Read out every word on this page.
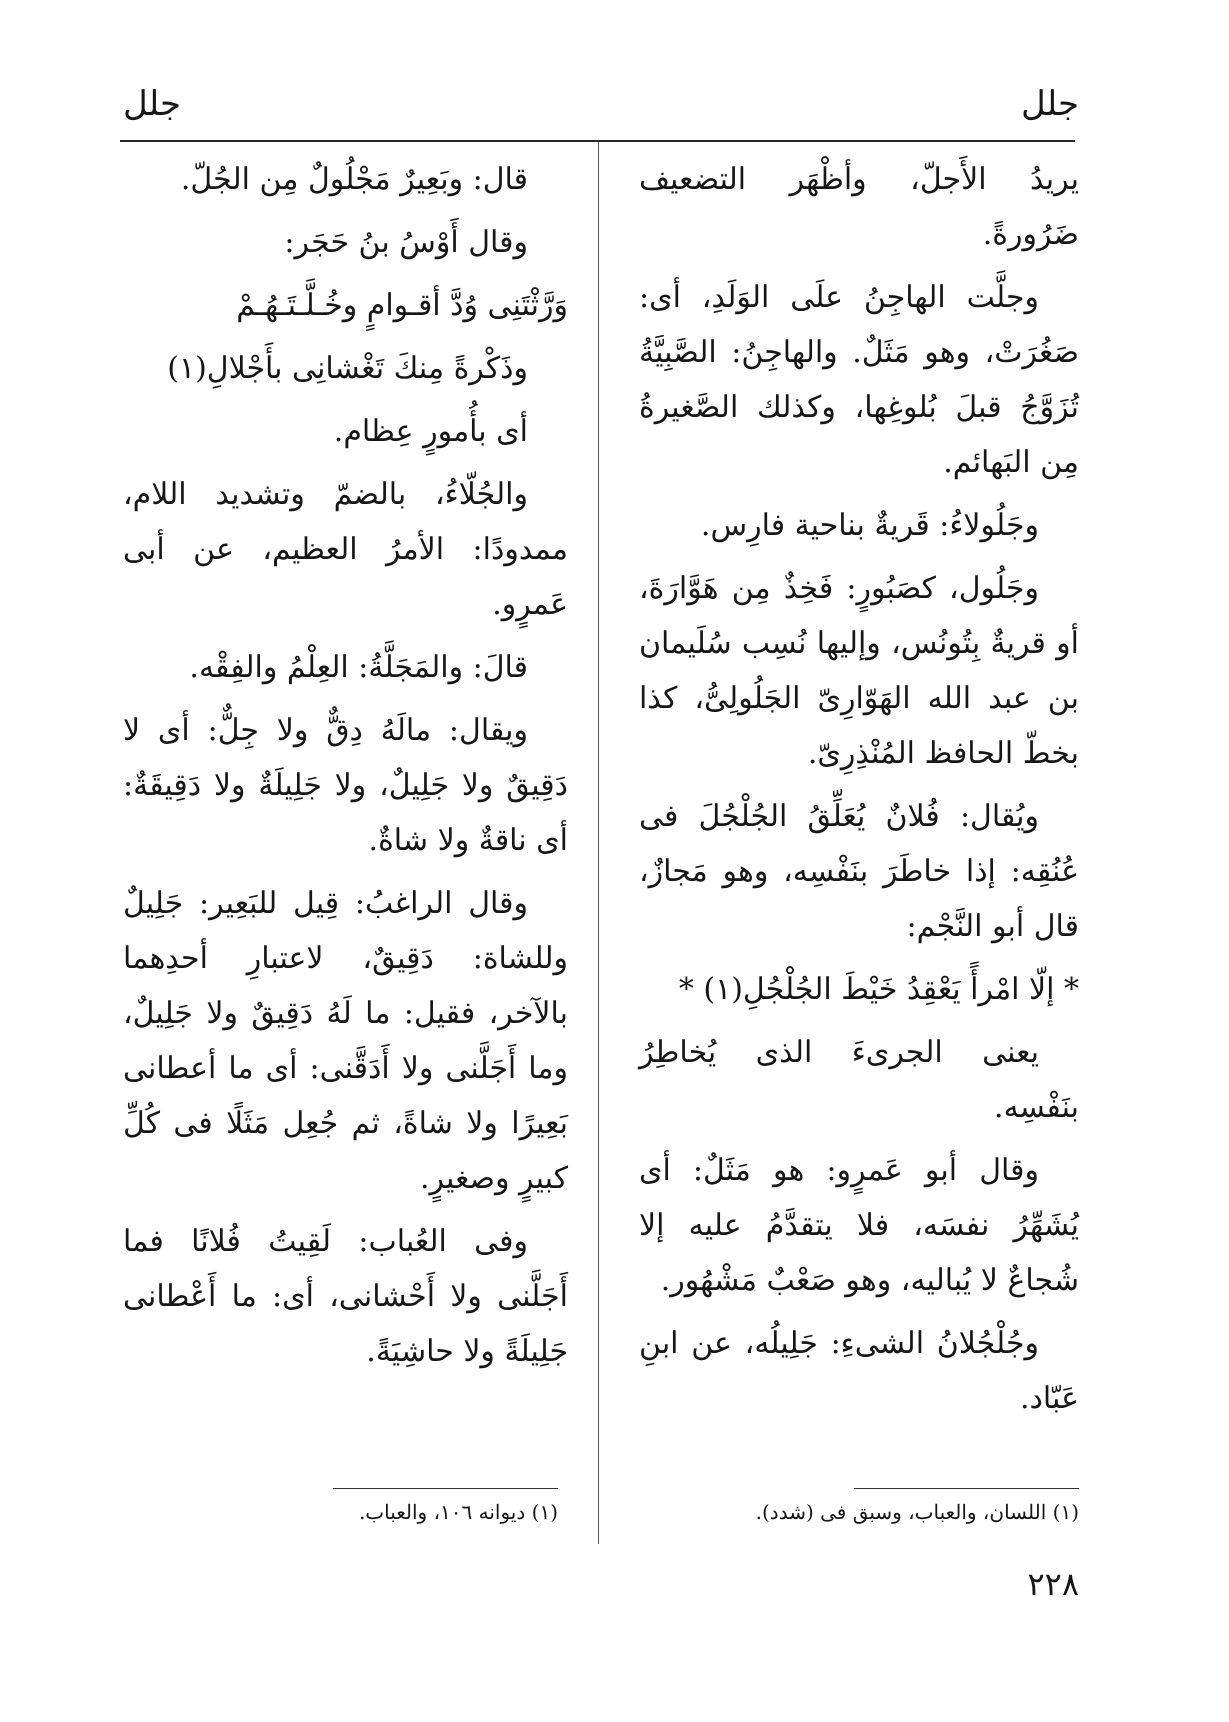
جلل
جلل

يريدُ الأَجلّ، وأظْهَر التضعيف ضَرُورةً.

وجلَّت الهاجِنُ علَى الوَلَدِ، أى: صَغُرَتْ، وهو مَثَلٌ. والهاجِنُ: الصَّبِيَّةُ تُزَوَّجُ قبلَ بُلوغِها، وكذلك الصَّغيرةُ مِن البَهائم.

وجَلُولاءُ: قَريةٌ بناحية فارِس.

وجَلُول، كصَبُورٍ: فَخِذٌ مِن هَوَّارَةَ، أو قريةٌ بِتُونُس، وإليها نُسِب سُلَيمان بن عبد الله الهَوّارِىّ الجَلُولِىُّ، كذا بخطّ الحافظ المُنْذِرِىّ.

ويُقال: فُلانٌ يُعَلِّقُ الجُلْجُلَ فى عُنُقِه: إذا خاطَرَ بنَفْسِه، وهو مَجازٌ، قال أبو النَّجْم:

* إلّا امْرأً يَعْقِدُ خَيْطَ الجُلْجُلِ(١) *

يعنى الجرىءَ الذى يُخاطِرُ بنَفْسِه.

وقال أبو عَمرٍو: هو مَثَلٌ: أى يُشَهِّرُ نفسَه، فلا يتقدَّمُ عليه إلا شُجاعٌ لا يُباليه، وهو صَعْبٌ مَشْهُور.

وجُلْجُلانُ الشىءِ: جَلِيلُه، عن ابنِ عَبّاد.

قال: وبَعِيرٌ مَجْلُولٌ مِن الجُلّ.

وقال أَوْسُ بنُ حَجَر:

وَرَّثْتَنِى وُدَّ أقـوامٍ وخُـلَّـتَـهُـمْ

وذَكْرةً مِنكَ تَغْشانِى بأَجْلالِ(١)

أى بأُمورٍ عِظام.

والجُلّاءُ، بالضمّ وتشديد اللام، ممدودًا: الأمرُ العظيم، عن أبى عَمرٍو.

قالَ: والمَجَلَّةُ: العِلْمُ والفِقْه.

ويقال: مالَهُ دِقٌّ ولا جِلٌّ: أى لا دَقِيقٌ ولا جَلِيلٌ، ولا جَلِيلَةٌ ولا دَقِيقَةٌ: أى ناقةٌ ولا شاةٌ.

وقال الراغبُ: قِيل للبَعِير: جَلِيلٌ وللشاة: دَقِيقٌ، لاعتبارِ أحدِهما بالآخر، فقيل: ما لَهُ دَقِيقٌ ولا جَلِيلٌ، وما أَجَلَّنى ولا أَدَقَّنى: أى ما أعطانى بَعِيرًا ولا شاةً، ثم جُعِل مَثَلًا فى كُلِّ كبيرٍ وصغيرٍ.

وفى العُباب: لَقِيتُ فُلانًا فما أَجَلَّنى ولا أَحْشانى، أى: ما أَعْطانى جَلِيلَةً ولا حاشِيَةً.

(١) اللسان، والعباب، وسبق فى (شدد).
(١) ديوانه ١٠٦، والعباب.
٢٢٨
